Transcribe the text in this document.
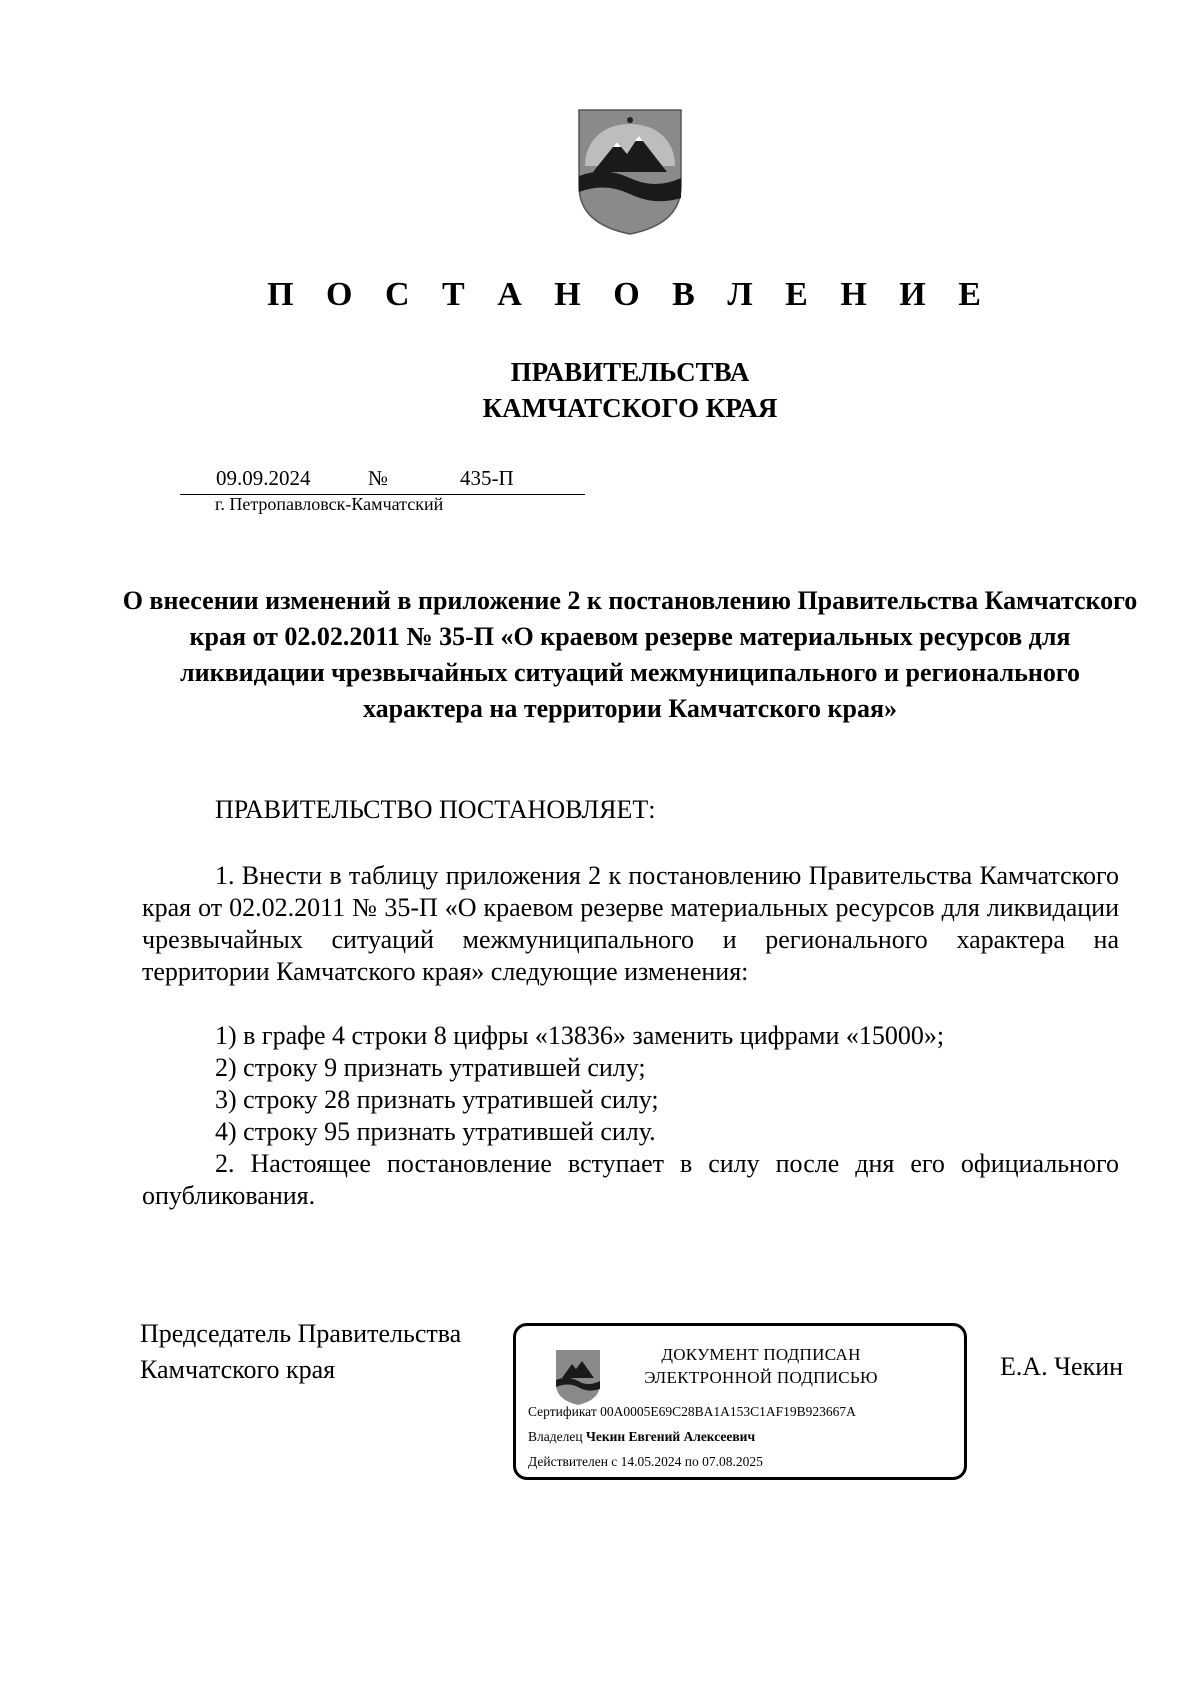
П О С Т А Н О В Л Е Н И Е
ПРАВИТЕЛЬСТВА
КАМЧАТСКОГО КРАЯ
09.09.2024	№	435-П
г. Петропавловск-Камчатский
О внесении изменений в приложение 2 к постановлению Правительства Камчатского края от 02.02.2011 № 35-П «О краевом резерве материальных ресурсов для ликвидации чрезвычайных ситуаций межмуниципального и регионального характера на территории Камчатского края»
ПРАВИТЕЛЬСТВО ПОСТАНОВЛЯЕТ:
1. Внести в таблицу приложения 2 к постановлению Правительства Камчатского края от 02.02.2011 № 35-П «О краевом резерве материальных ресурсов для ликвидации чрезвычайных ситуаций межмуниципального и регионального характера на территории Камчатского края» следующие изменения:
1) в графе 4 строки 8 цифры «13836» заменить цифрами «15000»;
2) строку 9 признать утратившей силу;
3) строку 28 признать утратившей силу;
4) строку 95 признать утратившей силу.
2. Настоящее постановление вступает в силу после дня его официального опубликования.
Председатель Правительства
Камчатского края
ДОКУМЕНТ ПОДПИСАН
ЭЛЕКТРОННОЙ ПОДПИСЬЮ
Сертификат 00A0005E69C28BA1A153C1AF19B923667A
Владелец Чекин Евгений Алексеевич
Действителен с 14.05.2024 по 07.08.2025
Е.А. Чекин
